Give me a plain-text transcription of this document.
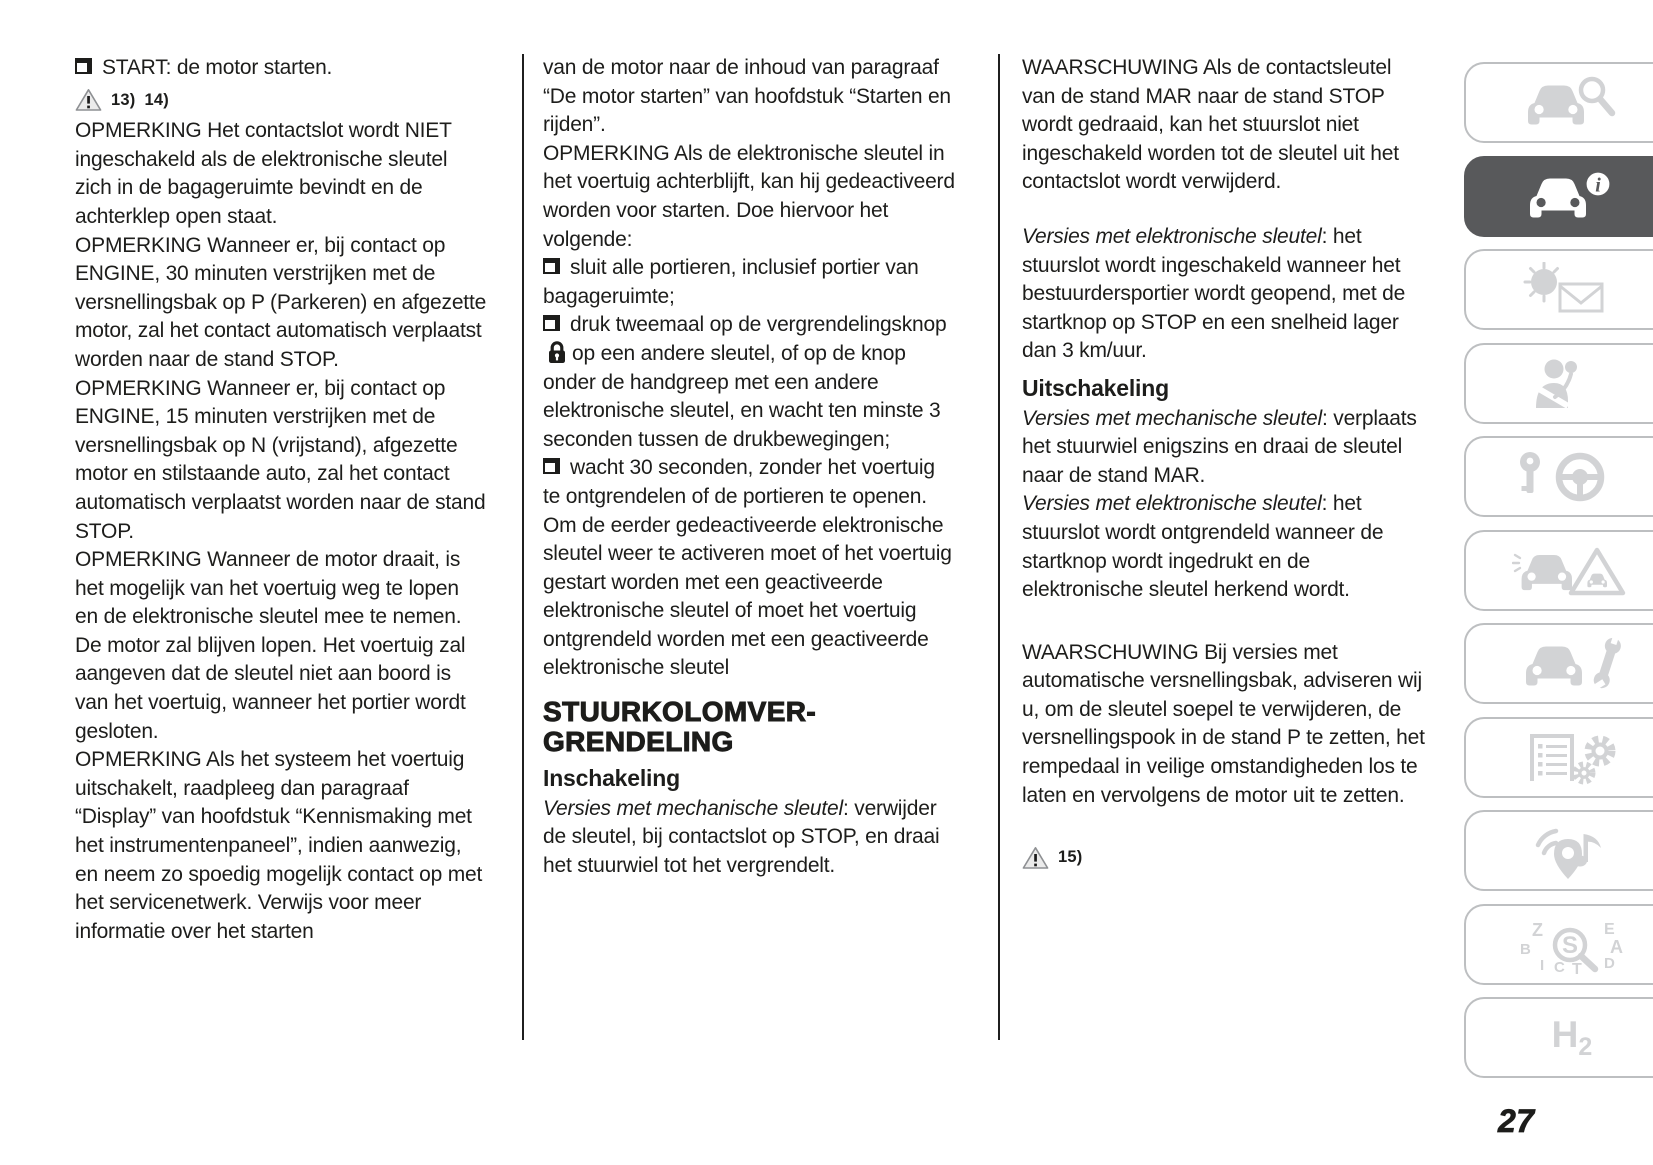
START: de motor starten.

13) 14)

OPMERKING Het contactslot wordt NIET ingeschakeld als de elektronische sleutel zich in de bagageruimte bevindt en de achterklep open staat.

OPMERKING Wanneer er, bij contact op ENGINE, 30 minuten verstrijken met de versnellingsbak op P (Parkeren) en afgezette motor, zal het contact automatisch verplaatst worden naar de stand STOP.

OPMERKING Wanneer er, bij contact op ENGINE, 15 minuten verstrijken met de versnellingsbak op N (vrijstand), afgezette motor en stilstaande auto, zal het contact automatisch verplaatst worden naar de stand STOP.

OPMERKING Wanneer de motor draait, is het mogelijk van het voertuig weg te lopen en de elektronische sleutel mee te nemen. De motor zal blijven lopen. Het voertuig zal aangeven dat de sleutel niet aan boord is van het voertuig, wanneer het portier wordt gesloten.

OPMERKING Als het systeem het voertuig uitschakelt, raadpleeg dan paragraaf “Display” van hoofdstuk “Kennismaking met het instrumentenpaneel”, indien aanwezig, en neem zo spoedig mogelijk contact op met het servicenetwerk. Verwijs voor meer informatie over het starten

van de motor naar de inhoud van paragraaf “De motor starten” van hoofdstuk “Starten en rijden”.

OPMERKING Als de elektronische sleutel in het voertuig achterblijft, kan hij gedeactiveerd worden voor starten. Doe hiervoor het volgende:

sluit alle portieren, inclusief portier van bagageruimte;

druk tweemaal op de vergrendelingsknopop een andere sleutel, of op de knop onder de handgreep met een andere elektronische sleutel, en wacht ten minste 3 seconden tussen de drukbewegingen;

wacht 30 seconden, zonder het voertuig te ontgrendelen of de portieren te openen.

Om de eerder gedeactiveerde elektronische sleutel weer te activeren moet of het voertuig gestart worden met een geactiveerde elektronische sleutel of moet het voertuig ontgrendeld worden met een geactiveerde elektronische sleutel

STUURKOLOMVER-
GRENDELING
Inschakeling

Versies met mechanische sleutel: verwijder de sleutel, bij contactslot op STOP, en draai het stuurwiel tot het vergrendelt.

WAARSCHUWING Als de contactsleutel van de stand MAR naar de stand STOP wordt gedraaid, kan het stuurslot niet ingeschakeld worden tot de sleutel uit het contactslot wordt verwijderd.

Versies met elektronische sleutel: het stuurslot wordt ingeschakeld wanneer het bestuurdersportier wordt geopend, met de startknop op STOP en een snelheid lager dan 3 km/uur.

Uitschakeling

Versies met mechanische sleutel: verplaats het stuurwiel enigszins en draai de sleutel naar de stand MAR.

Versies met elektronische sleutel: het stuurslot wordt ontgrendeld wanneer de startknop wordt ingedrukt en de elektronische sleutel herkend wordt.

WAARSCHUWING Bij versies met automatische versnellingsbak, adviseren wij u, om de sleutel soepel te verwijderen, de versnellingspook in de stand P te zetten, het rempedaal in veilige omstandigheden los te laten en vervolgens de motor uit te zetten.

15)
i
Z	E
B	A
I C T D
S
$H_2$
27
